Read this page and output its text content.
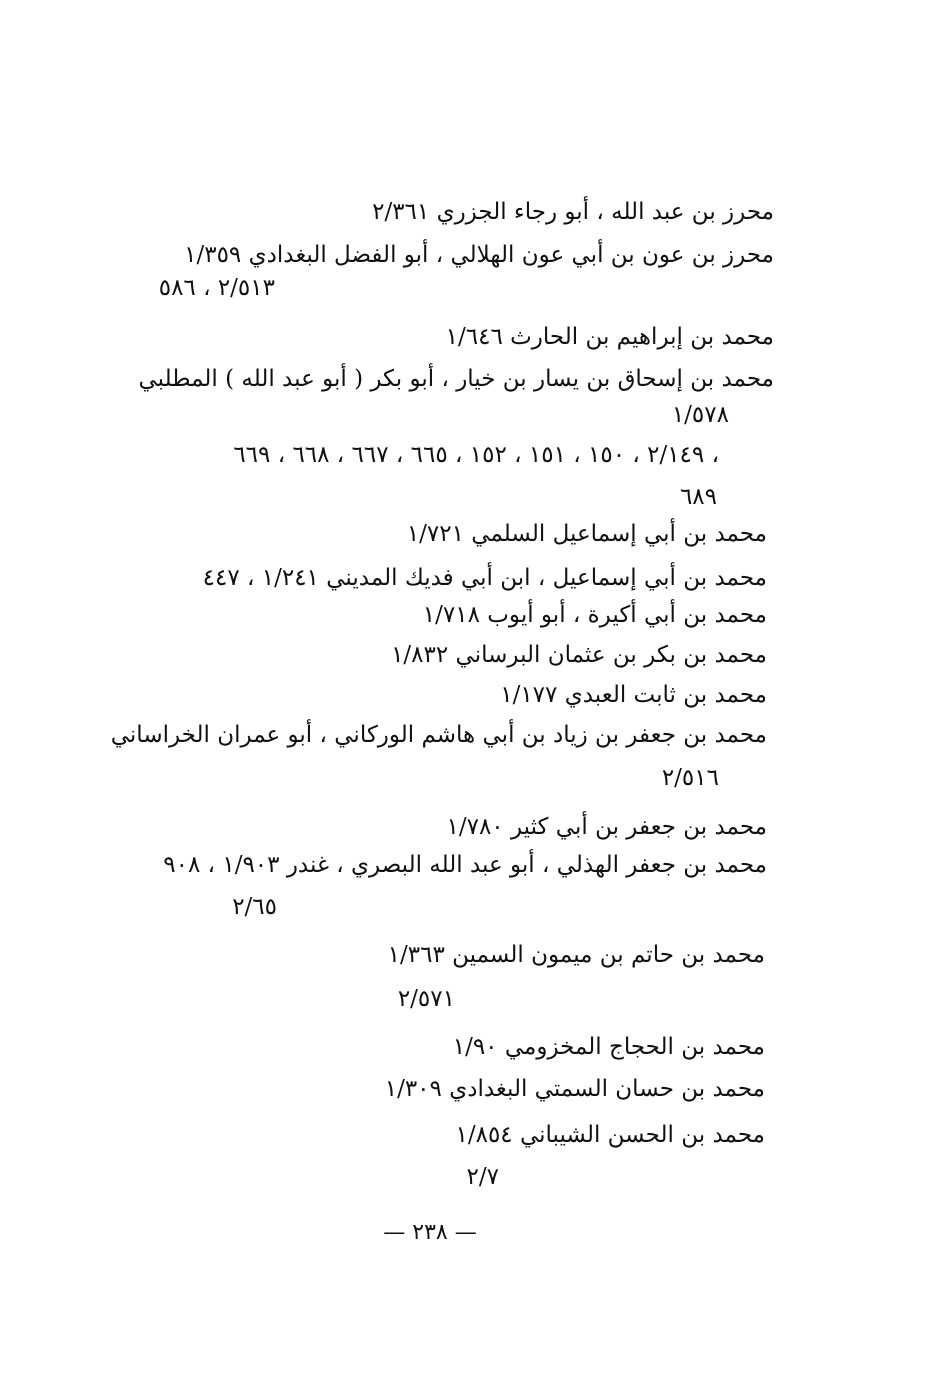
محرز بن عبد الله ، أبو رجاء الجزري ٢/٣٦١
محرز بن عون بن أبي عون الهلالي ، أبو الفضل البغدادي ١/٣٥٩
٢/٥١٣ ، ٥٨٦
محمد بن إبراهيم بن الحارث ١/٦٤٦
محمد بن إسحاق بن يسار بن خيار ، أبو بكر ( أبو عبد الله ) المطلبي
١/٥٧٨
٢/١٤٩ ، ١٥٠ ، ١٥١ ، ١٥٢ ، ٦٦٥ ، ٦٦٧ ، ٦٦٨ ، ٦٦٩ ،
٦٨٩
محمد بن أبي إسماعيل السلمي ١/٧٢١
محمد بن أبي إسماعيل ، ابن أبي فديك المديني ١/٢٤١ ، ٤٤٧
محمد بن أبي أكيرة ، أبو أيوب ١/٧١٨
محمد بن بكر بن عثمان البرساني ١/٨٣٢
محمد بن ثابت العبدي ١/١٧٧
محمد بن جعفر بن زياد بن أبي هاشم الوركاني ، أبو عمران الخراساني
٢/٥١٦
محمد بن جعفر بن أبي كثير ١/٧٨٠
محمد بن جعفر الهذلي ، أبو عبد الله البصري ، غندر ١/٩٠٣ ، ٩٠٨
٢/٦٥
محمد بن حاتم بن ميمون السمين ١/٣٦٣
٢/٥٧١
محمد بن الحجاج المخزومي ١/٩٠
محمد بن حسان السمتي البغدادي ١/٣٠٩
محمد بن الحسن الشيباني ١/٨٥٤
٢/٧
— ٢٣٨ —
